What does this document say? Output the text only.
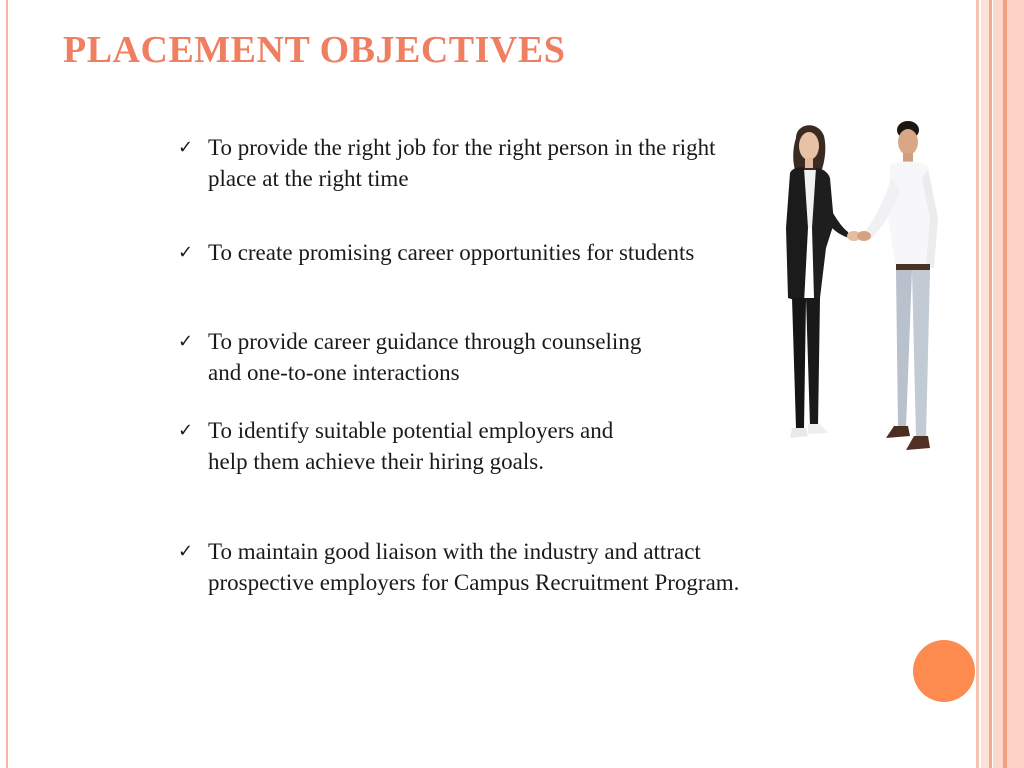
PLACEMENT OBJECTIVES
✓ To provide the right job for the right person in the right place at the right time
✓ To create promising career opportunities for students
✓ To provide career guidance through counseling and one-to-one interactions
✓ To identify suitable potential employers and help them achieve their hiring goals.
✓ To maintain good liaison with the industry and attract prospective employers for Campus Recruitment Program.
